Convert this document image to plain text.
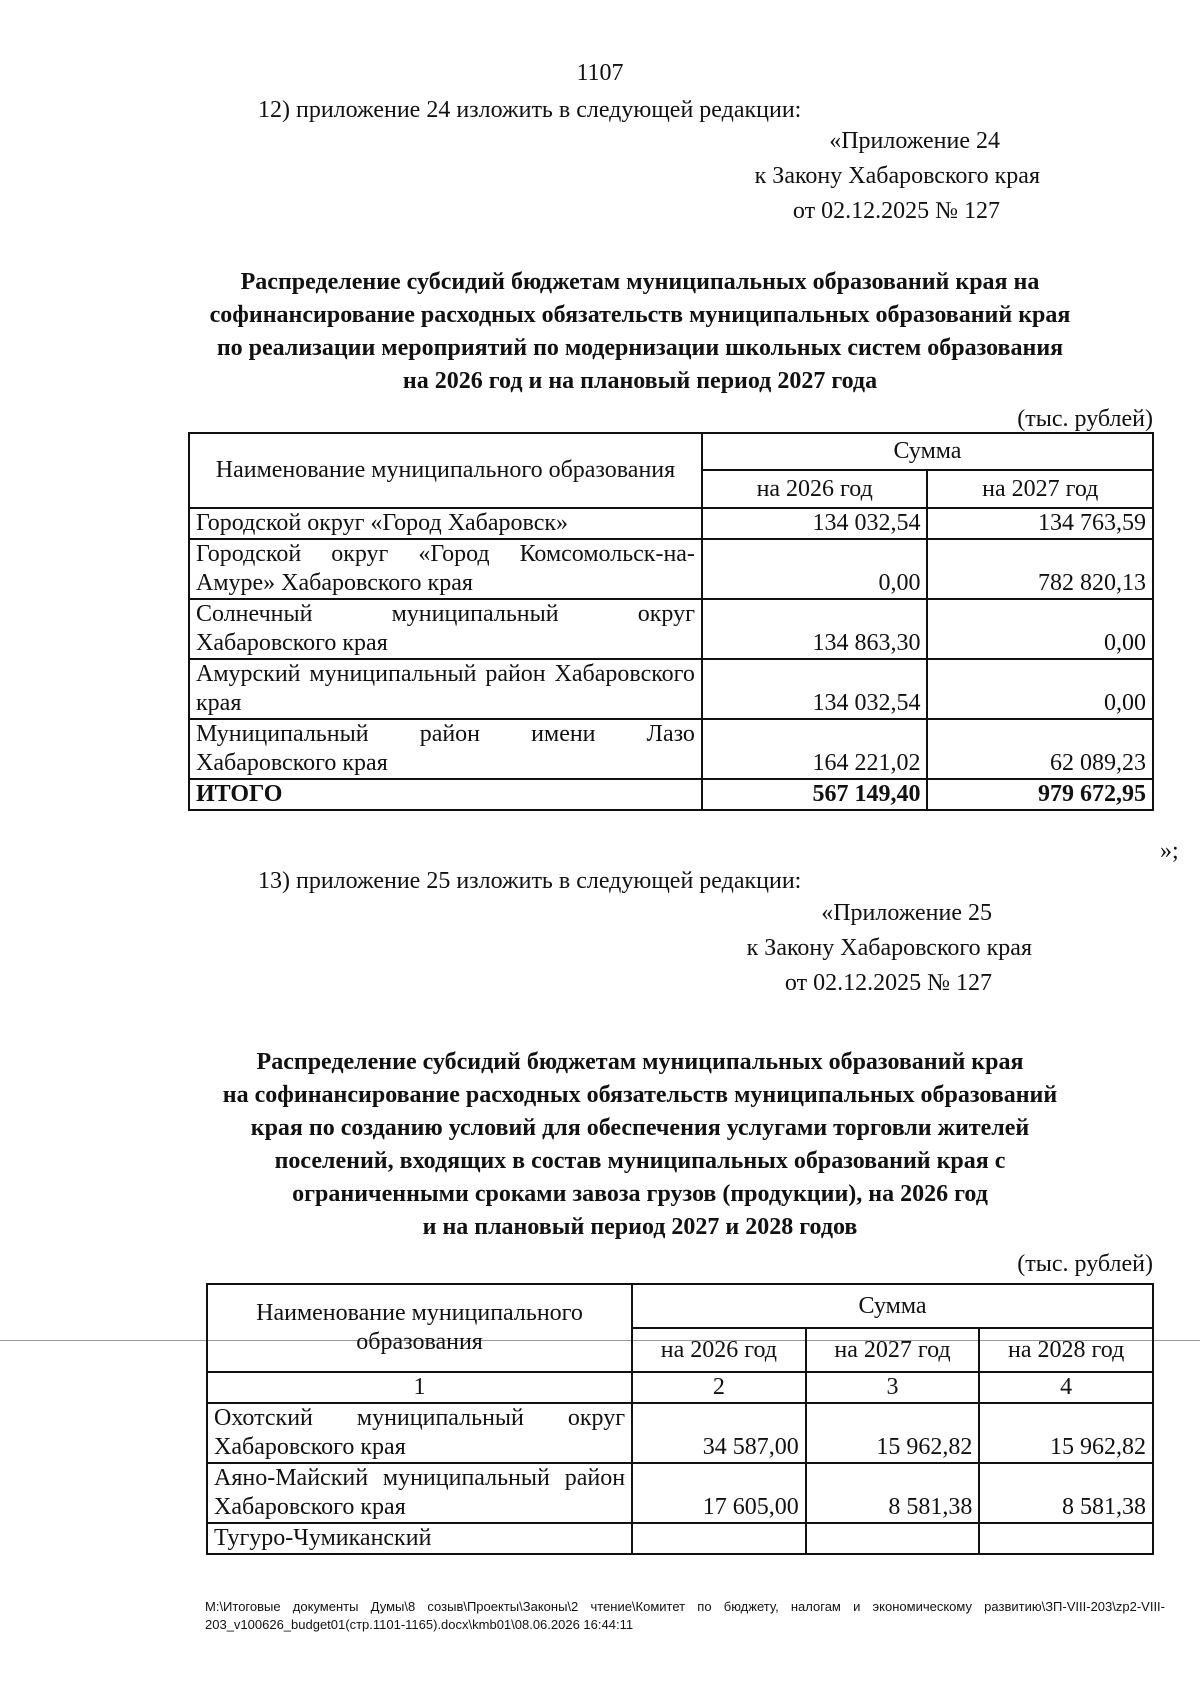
1107
12) приложение 24 изложить в следующей редакции:
«Приложение 24
к Закону Хабаровского края
от 02.12.2025 № 127
Распределение субсидий бюджетам муниципальных образований края на
софинансирование расходных обязательств муниципальных образований края
по реализации мероприятий по модернизации школьных систем образования
на 2026 год и на плановый период 2027 года
(тыс. рублей)
Наименование муниципального образования	Сумма	
	на 2026 год	на 2027 год
Городской округ «Город Хабаровск»	134 032,54	134 763,59
Городской округ «Город Комсомольск-на-Амуре» Хабаровского края	0,00	782 820,13
Солнечный муниципальный округ Хабаровского края	134 863,30	0,00
Амурский муниципальный район Хабаровского края	134 032,54	0,00
Муниципальный район имени Лазо Хабаровского края	164 221,02	62 089,23
ИТОГО	567 149,40	979 672,95
»;
13) приложение 25 изложить в следующей редакции:
«Приложение 25
к Закону Хабаровского края
от 02.12.2025 № 127
Распределение субсидий бюджетам муниципальных образований края
на софинансирование расходных обязательств муниципальных образований
края по созданию условий для обеспечения услугами торговли жителей
поселений, входящих в состав муниципальных образований края с
ограниченными сроками завоза грузов (продукции), на 2026 год
и на плановый период 2027 и 2028 годов
(тыс. рублей)
Наименование муниципального
образования	Сумма		
	на 2026 год	на 2027 год	на 2028 год
1	2	3	4
Охотский муниципальный округ Хабаровского края	34 587,00	15 962,82	15 962,82
Аяно-Майский муниципальный район Хабаровского края	17 605,00	8 581,38	8 581,38
Тугуро-Чумиканский			
M:\Итоговые документы Думы\8 созыв\Проекты\Законы\2 чтение\Комитет по бюджету, налогам и экономическому развитию\ЗП-VIII-203\zp2-VIII-203_v100626_budget01(стр.1101-1165).docx\kmb01\08.06.2026 16:44:11
